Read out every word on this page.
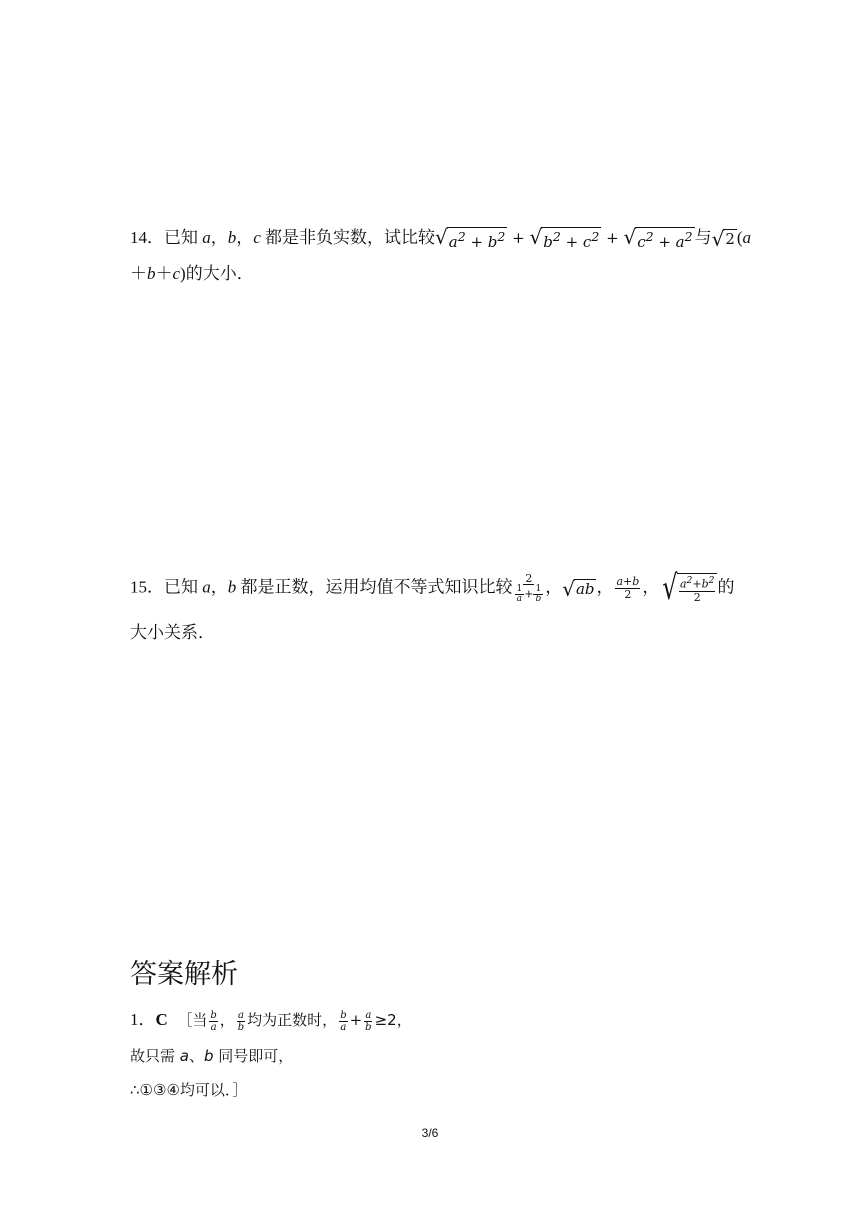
14．已知 a，b，c 都是非负实数，试比较 √ $a^2 + b^2$ + √ $b^2 + c^2$ + √ $c^2 + a^2$ 与 √ 2 (a
＋b＋c)的大小．
15．已知 a，b 都是正数，运用均值不等式知识比较 $\frac{2}{\frac{1}{a} + \frac{1}{b}}$ ， √ ab ， $\frac{a+b}{2}$ ， √ $\frac{a^2+b^2}{2}$ 的
大小关系．
答案解析
1．C ［当 $\frac{b}{a}$ ， $\frac{a}{b}$ 均为正数时， $\frac{b}{a} + \frac{a}{b} \ge 2$，
故只需 a、b 同号即可，
∴①③④均可以．］
3/6
